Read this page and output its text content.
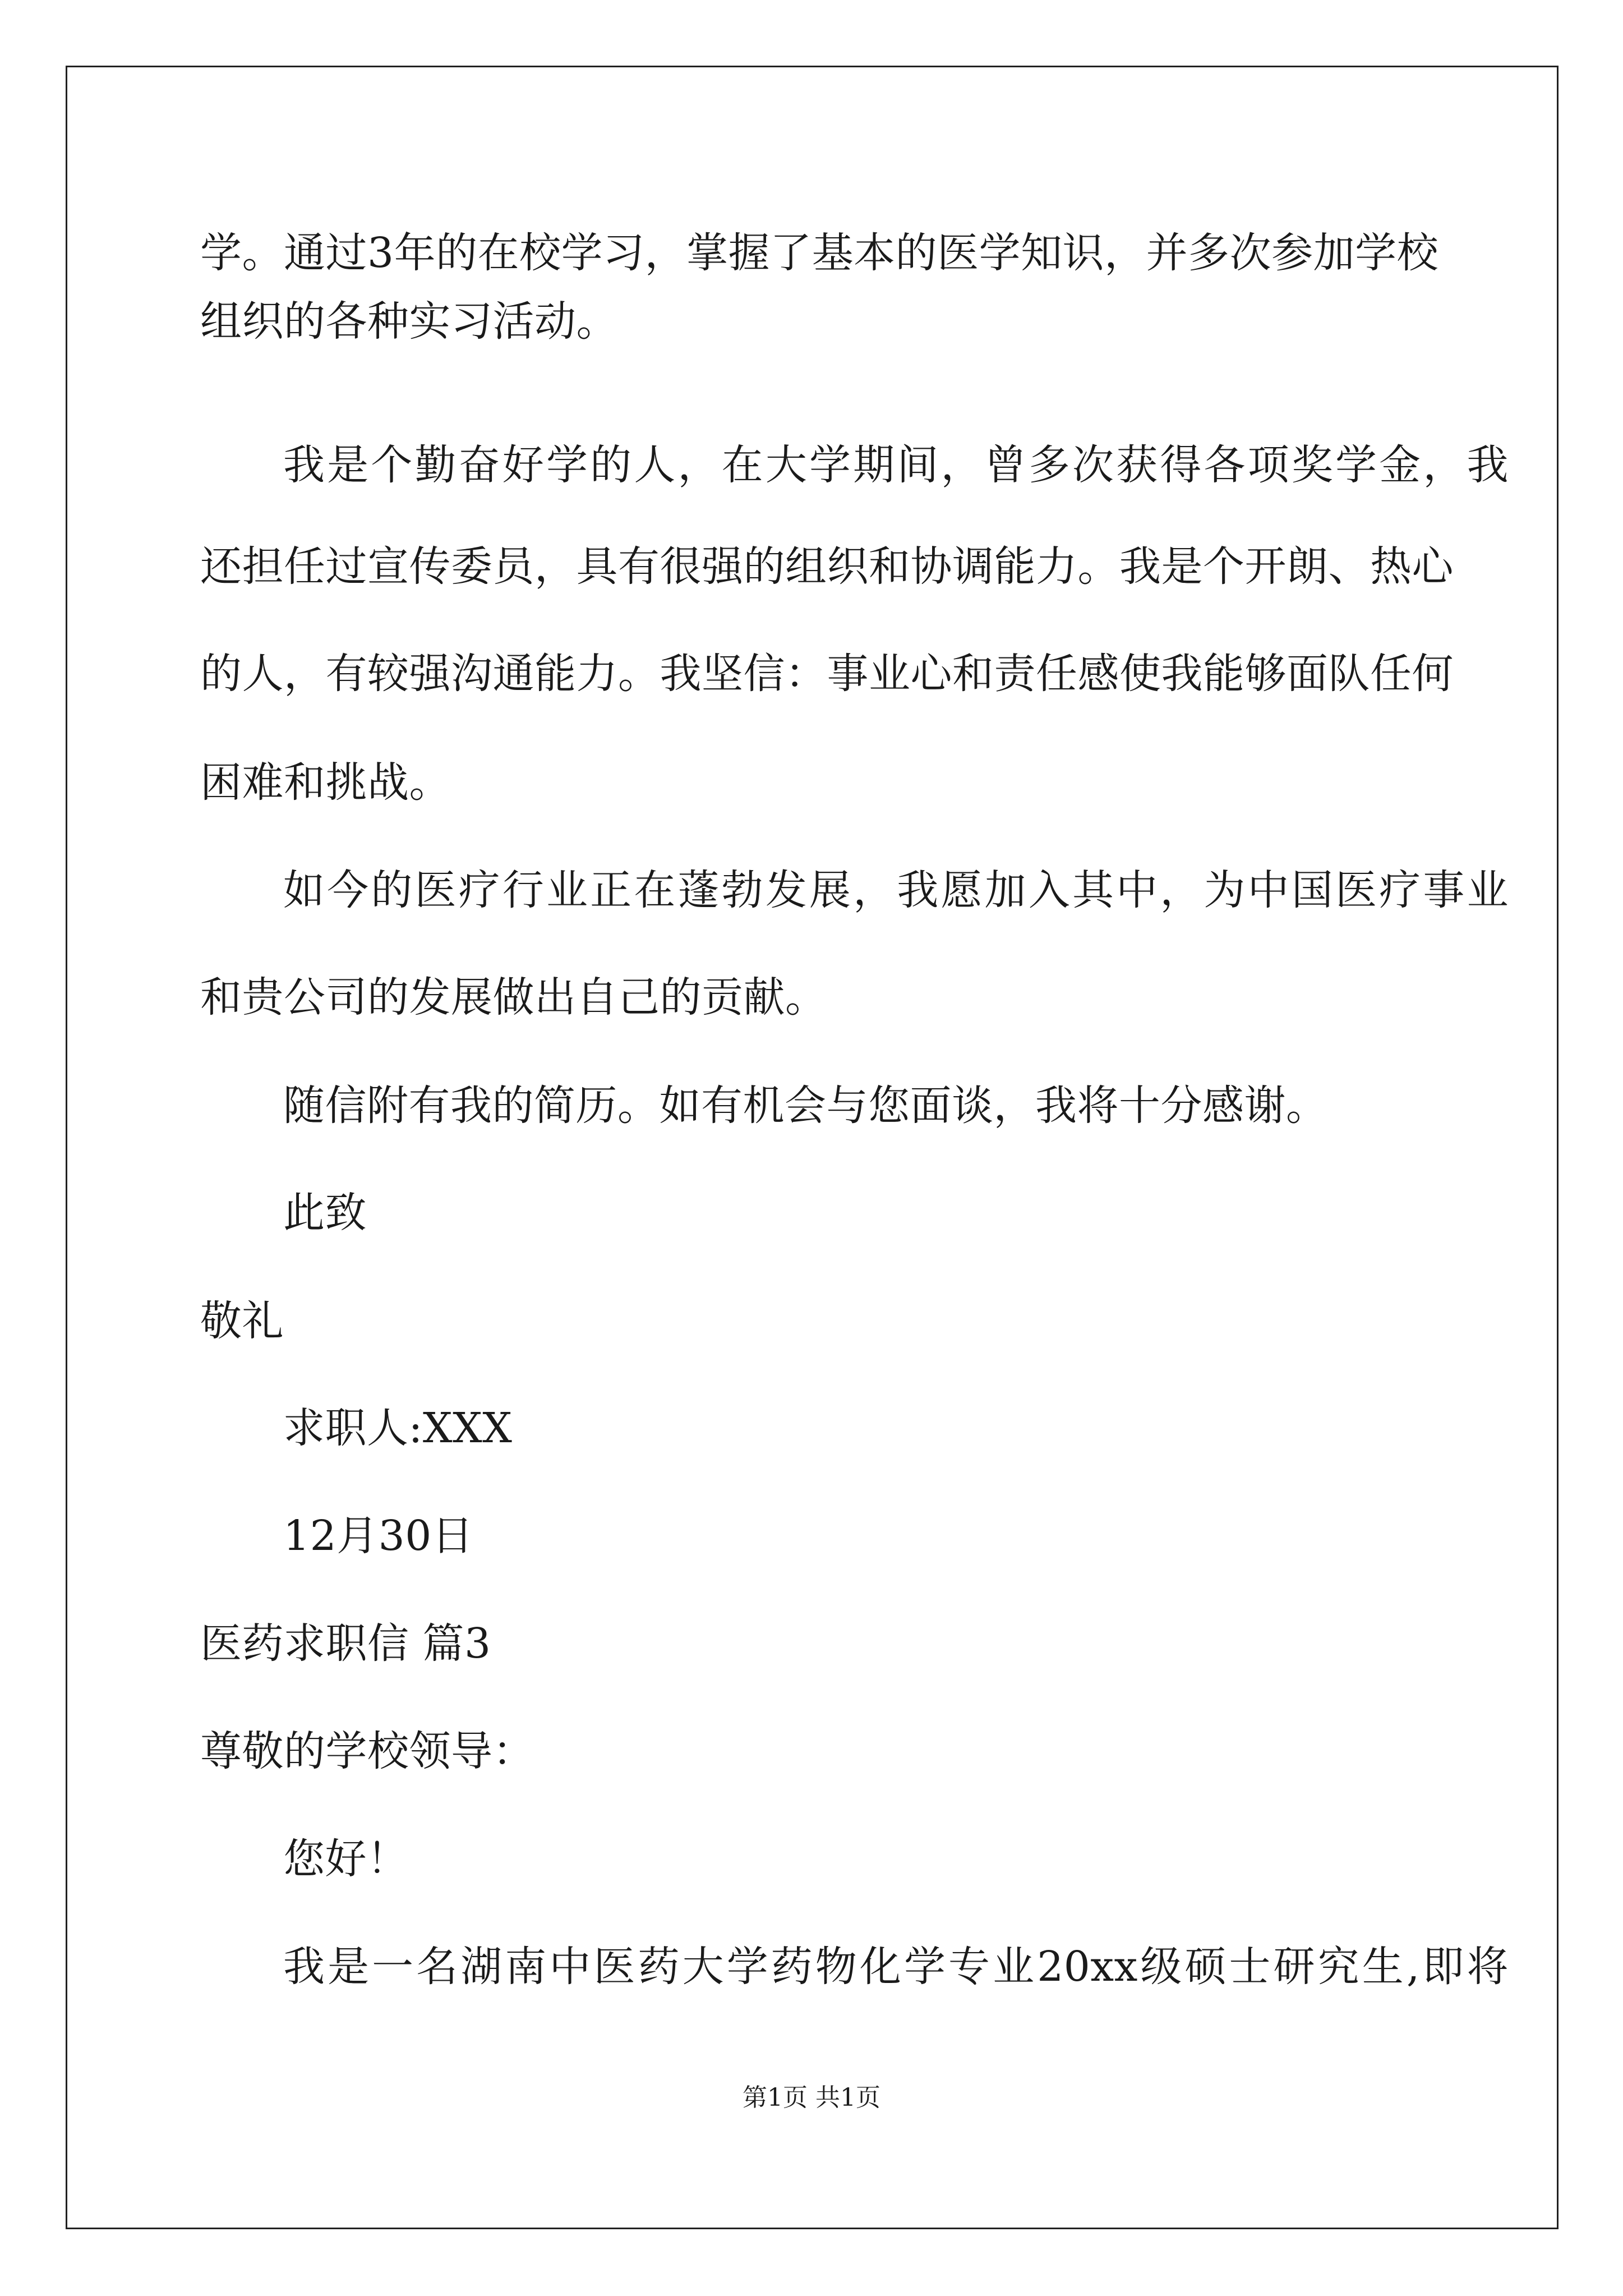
学。通过3年的在校学习，掌握了基本的医学知识，并多次参加学校
组织的各种实习活动。
我是个勤奋好学的人，在大学期间，曾多次获得各项奖学金，我
还担任过宣传委员，具有很强的组织和协调能力。我是个开朗、热心
的人，有较强沟通能力。我坚信：事业心和责任感使我能够面队任何
困难和挑战。
如今的医疗行业正在蓬勃发展，我愿加入其中，为中国医疗事业
和贵公司的发展做出自己的贡献。
随信附有我的简历。如有机会与您面谈，我将十分感谢。
此致
敬礼
求职人:XXX
12月30日
医药求职信 篇3
尊敬的学校领导：
您好！
我是一名湖南中医药大学药物化学专业20xx级硕士研究生,即将
第1页 共1页
